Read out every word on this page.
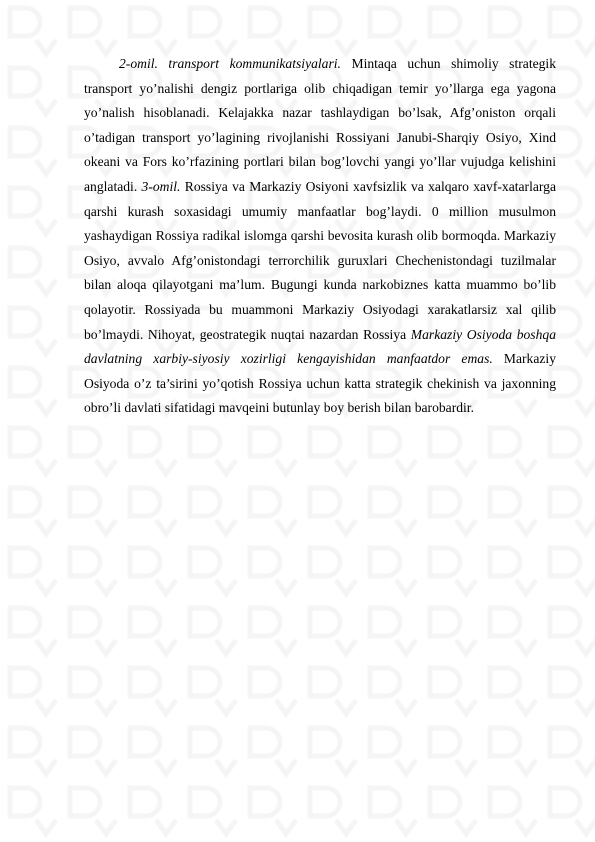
2-omil. transport kommunikatsiyalari. Mintaqa uchun shimoliy strategik transport yo’nalishi dengiz portlariga olib chiqadigan temir yo’llarga ega yagona yo’nalish hisoblanadi. Kelajakka nazar tashlaydigan bo’lsak, Afg’oniston orqali o’tadigan transport yo’lagining rivojlanishi Rossiyani Janubi-Sharqiy Osiyo, Xind okeani va Fors ko’rfazining portlari bilan bog’lovchi yangi yo’llar vujudga kelishini anglatadi. 3-omil. Rossiya va Markaziy Osiyoni xavfsizlik va xalqaro xavf-xatarlarga qarshi kurash soxasidagi umumiy manfaatlar bog’laydi. 0 million musulmon yashaydigan Rossiya radikal islomga qarshi bevosita kurash olib bormoqda. Markaziy Osiyo, avvalo Afg’onistondagi terrorchilik guruxlari Chechenistondagi tuzilmalar bilan aloqa qilayotgani ma’lum. Bugungi kunda narkobiznes katta muammo bo’lib qolayotir. Rossiyada bu muammoni Markaziy Osiyodagi xarakatlarsiz xal qilib bo’lmaydi. Nihoyat, geostrategik nuqtai nazardan Rossiya Markaziy Osiyoda boshqa davlatning xarbiy-siyosiy xozirligi kengayishidan manfaatdor emas. Markaziy Osiyoda o’z ta’sirini yo’qotish Rossiya uchun katta strategik chekinish va jaxonning obro’li davlati sifatidagi mavqeini butunlay boy berish bilan barobardir.
